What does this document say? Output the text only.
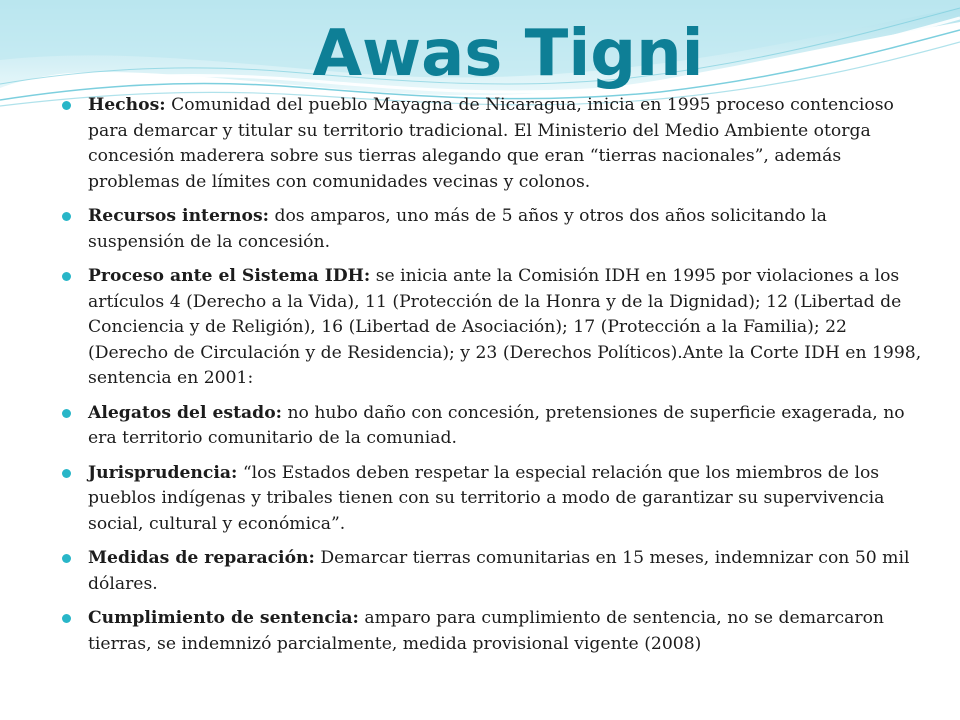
Awas Tigni
Hechos: Comunidad del pueblo Mayagna de Nicaragua, inicia en 1995 proceso contencioso para demarcar y titular su territorio tradicional. El Ministerio del Medio Ambiente otorga concesión maderera sobre sus tierras alegando que eran “tierras nacionales”, además problemas de límites con comunidades vecinas y colonos.
Recursos internos: dos amparos, uno más de 5 años y otros dos años solicitando la suspensión de la concesión.
Proceso ante el Sistema IDH: se inicia ante la Comisión IDH en 1995 por violaciones a los artículos 4 (Derecho a la Vida), 11 (Protección de la Honra y de la Dignidad); 12 (Libertad de Conciencia y de Religión), 16 (Libertad de Asociación); 17 (Protección a la Familia); 22 (Derecho de Circulación y de Residencia); y 23 (Derechos Políticos).Ante la Corte IDH en 1998, sentencia en 2001:
Alegatos del estado: no hubo daño con concesión, pretensiones de superficie exagerada, no era territorio comunitario de la comuniad.
Jurisprudencia: “los Estados deben respetar la especial relación que los miembros de los pueblos indígenas y tribales tienen con su territorio a modo de garantizar su supervivencia social, cultural y económica”.
Medidas de reparación: Demarcar tierras comunitarias en 15 meses, indemnizar con 50 mil dólares.
Cumplimiento de sentencia: amparo para cumplimiento de sentencia, no se demarcaron tierras, se indemnizó parcialmente, medida provisional vigente (2008)
